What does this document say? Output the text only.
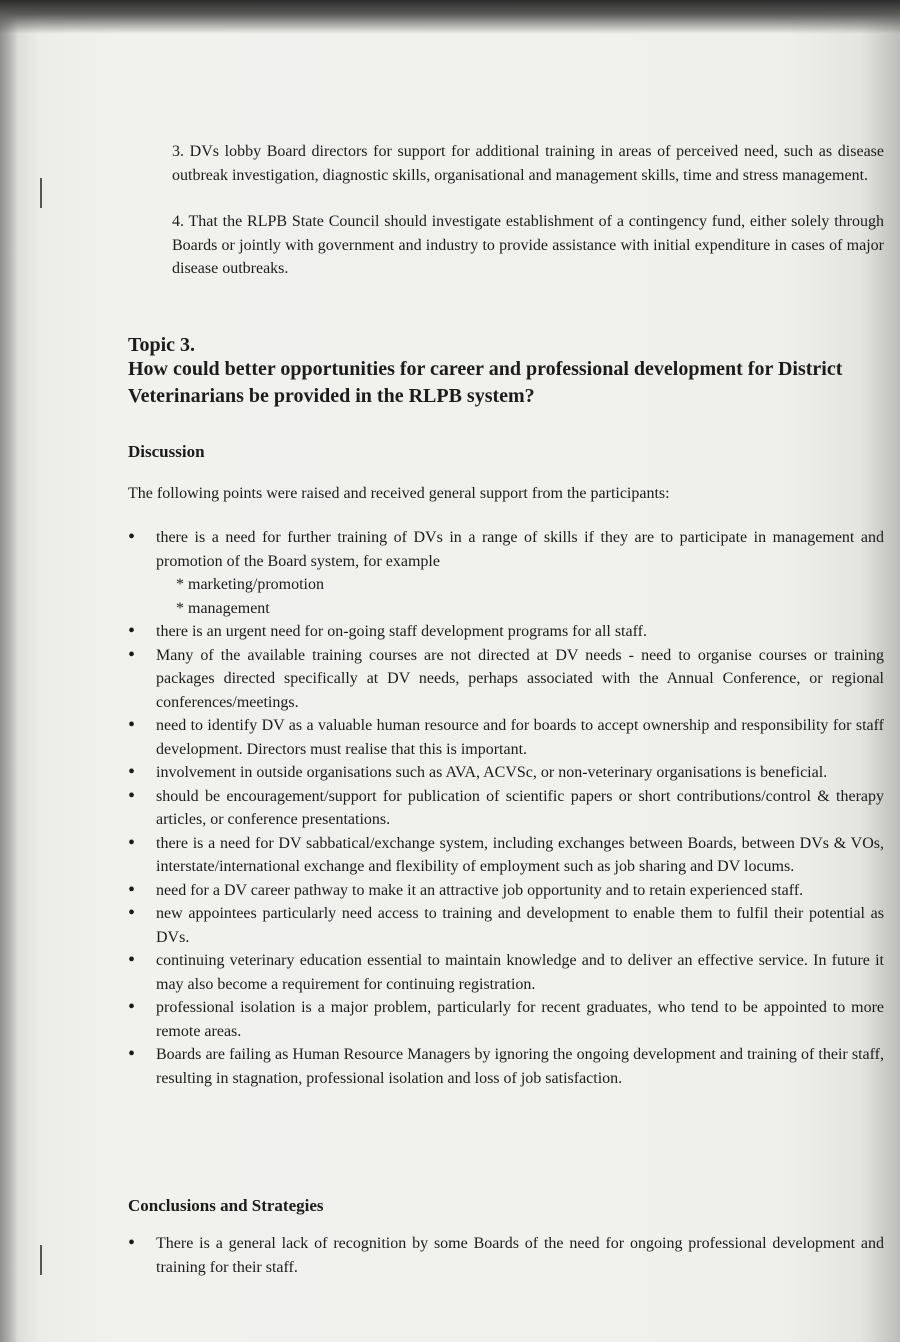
3. DVs lobby Board directors for support for additional training in areas of perceived need, such as disease outbreak investigation, diagnostic skills, organisational and management skills, time and stress management.
4. That the RLPB State Council should investigate establishment of a contingency fund, either solely through Boards or jointly with government and industry to provide assistance with initial expenditure in cases of major disease outbreaks.
Topic 3.
How could better opportunities for career and professional development for District Veterinarians be provided in the RLPB system?
Discussion
The following points were raised and received general support from the participants:
• there is a need for further training of DVs in a range of skills if they are to participate in management and promotion of the Board system, for example
* marketing/promotion
* management
• there is an urgent need for on-going staff development programs for all staff.
• Many of the available training courses are not directed at DV needs - need to organise courses or training packages directed specifically at DV needs, perhaps associated with the Annual Conference, or regional conferences/meetings.
• need to identify DV as a valuable human resource and for boards to accept ownership and responsibility for staff development. Directors must realise that this is important.
• involvement in outside organisations such as AVA, ACVSc, or non-veterinary organisations is beneficial.
• should be encouragement/support for publication of scientific papers or short contributions/control & therapy articles, or conference presentations.
• there is a need for DV sabbatical/exchange system, including exchanges between Boards, between DVs & VOs, interstate/international exchange and flexibility of employment such as job sharing and DV locums.
• need for a DV career pathway to make it an attractive job opportunity and to retain experienced staff.
• new appointees particularly need access to training and development to enable them to fulfil their potential as DVs.
• continuing veterinary education essential to maintain knowledge and to deliver an effective service. In future it may also become a requirement for continuing registration.
• professional isolation is a major problem, particularly for recent graduates, who tend to be appointed to more remote areas.
• Boards are failing as Human Resource Managers by ignoring the ongoing development and training of their staff, resulting in stagnation, professional isolation and loss of job satisfaction.
Conclusions and Strategies
• There is a general lack of recognition by some Boards of the need for ongoing professional development and training for their staff.
